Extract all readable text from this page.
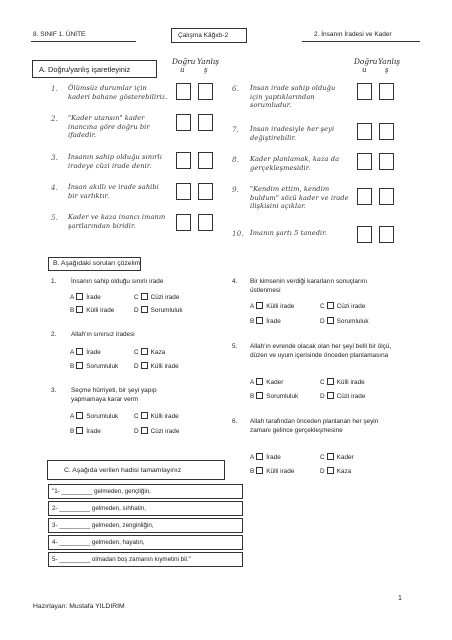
8. SINIF 1. ÜNİTE	Çalışma Kâğıdı-2	2. İnsanın İradesi ve Kader
A. Doğru/yanlış işaretleyiniz
Doğru Yanlış
u	ş
Doğru Yanlış
u	ş
1. Ölümsüz durumlar için kaderi bahane gösterebiliriz.
2. "Kader utansın" kader inancına göre doğru bir ifadedir.
3. İnsanın sahip olduğu sınırlı iradeye cüzi irade denir.
4. İnsan akıllı ve irade sahibi bir varlıktır.
5. Kader ve kaza inancı imanın şartlarından biridir.
6. İnsan irade sahip olduğu için yaptıklarından sorumludur.
7. İnsan iradesiyle her şeyi değiştirebilir.
8. Kader planlamak, kaza da gerçekleşmesidir.
9. "Kendim ettim, kendim buldum" sözü kader ve irade ilişkisini açıklar.
10. İmanın şartı 5 tanedir.
B. Aşağıdaki soruları çözelim
1. İnsanın sahip olduğu sınırlı irade
A İrade	C Cüzi irade
B Külli irade	D Sorumluluk
2. Allah'ın sınırsız iradesi
A İrade	C Kaza
B Sorumluluk D Külli irade
3. Seçme hürriyeti, bir şeyi yapıp yapmamaya karar verm
A Sorumluluk C Külli irade
B İrade	D Cüzi irade
4. Bir kimsenin verdiği kararların sonuçlarını üstlenmesi
A Külli irade	C Cüzi irade
B İrade	D Sorumluluk
5. Allah'ın evrende olacak olan her şeyi belli bir ölçü, düzen ve uyum içerisinde önceden planlamasına
A Kader	C Külli irade
B Sorumluluk	D Cüzi irade
6. Allah tarafından önceden planlanan her şeyin zamanı gelince gerçekleşmesine
A İrade	C Kader
B Külli irade	D Kaza
C. Aşağıda verilen hadisi tamamlayınız
"1- _________ gelmeden, gençliğin,
2- _________ gelmeden, sıhhatin,
3- _________ gelmeden, zenginliğin,
4- _________ gelmeden, hayatın,
5- _________ olmadan boş zamanın kıymetini bil."
1
Hazırlayan: Mustafa YILDIRIM
